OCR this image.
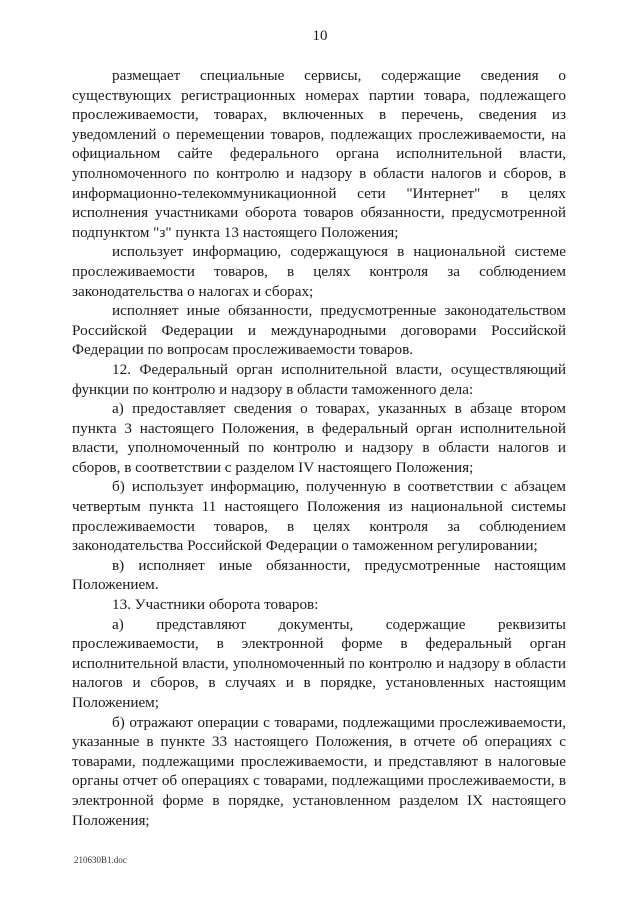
10

размещает специальные сервисы, содержащие сведения о существующих регистрационных номерах партии товара, подлежащего прослеживаемости, товарах, включенных в перечень, сведения из уведомлений о перемещении товаров, подлежащих прослеживаемости, на официальном сайте федерального органа исполнительной власти, уполномоченного по контролю и надзору в области налогов и сборов, в информационно-телекоммуникационной сети "Интернет" в целях исполнения участниками оборота товаров обязанности, предусмотренной подпунктом "з" пункта 13 настоящего Положения;

использует информацию, содержащуюся в национальной системе прослеживаемости товаров, в целях контроля за соблюдением законодательства о налогах и сборах;

исполняет иные обязанности, предусмотренные законодательством Российской Федерации и международными договорами Российской Федерации по вопросам прослеживаемости товаров.

12. Федеральный орган исполнительной власти, осуществляющий функции по контролю и надзору в области таможенного дела:

а) предоставляет сведения о товарах, указанных в абзаце втором пункта 3 настоящего Положения, в федеральный орган исполнительной власти, уполномоченный по контролю и надзору в области налогов и сборов, в соответствии с разделом IV настоящего Положения;

б) использует информацию, полученную в соответствии с абзацем четвертым пункта 11 настоящего Положения из национальной системы прослеживаемости товаров, в целях контроля за соблюдением законодательства Российской Федерации о таможенном регулировании;

в) исполняет иные обязанности, предусмотренные настоящим Положением.

13. Участники оборота товаров:

а) представляют документы, содержащие реквизиты прослеживаемости, в электронной форме в федеральный орган исполнительной власти, уполномоченный по контролю и надзору в области налогов и сборов, в случаях и в порядке, установленных настоящим Положением;

б) отражают операции с товарами, подлежащими прослеживаемости, указанные в пункте 33 настоящего Положения, в отчете об операциях с товарами, подлежащими прослеживаемости, и представляют в налоговые органы отчет об операциях с товарами, подлежащими прослеживаемости, в электронной форме в порядке, установленном разделом IX настоящего Положения;

210630В1.doc
